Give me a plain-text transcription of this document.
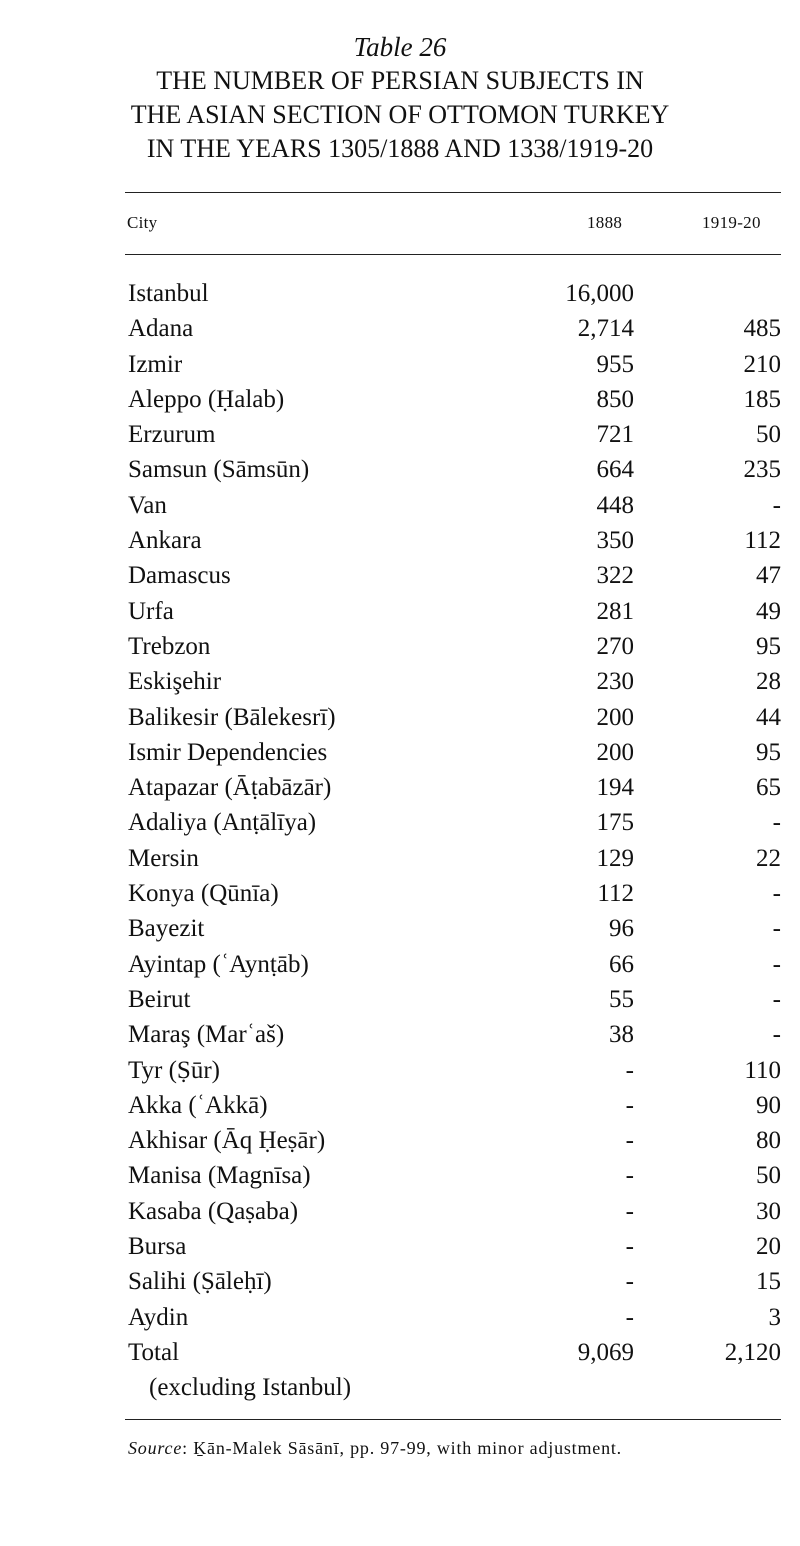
Table 26
THE NUMBER OF PERSIAN SUBJECTS IN
THE ASIAN SECTION OF OTTOMON TURKEY
IN THE YEARS 1305/1888 AND 1338/1919-20
City	1888	1919-20
Istanbul	16,000
Adana	2,714	485
Izmir	955	210
Aleppo (Ḥalab)	850	185
Erzurum	721	50
Samsun (Sāmsūn)	664	235
Van	448	-
Ankara	350	112
Damascus	322	47
Urfa	281	49
Trebzon	270	95
Eskişehir	230	28
Balikesir (Bālekesrī)	200	44
Ismir Dependencies	200	95
Atapazar (Āṭabāzār)	194	65
Adaliya (Anṭālīya)	175	-
Mersin	129	22
Konya (Qūnīa)	112	-
Bayezit	96	-
Ayintap (ʿAynṭāb)	66	-
Beirut	55	-
Maraş (Marʿaš)	38	-
Tyr (Ṣūr)	-	110
Akka (ʿAkkā)	-	90
Akhisar (Āq Ḥeṣār)	-	80
Manisa (Magnīsa)	-	50
Kasaba (Qaṣaba)	-	30
Bursa	-	20
Salihi (Ṣāleḥī)	-	15
Aydin	-	3
Total	9,069	2,120
(excluding Istanbul)
Source: Ḵān-Malek Sāsānī, pp. 97-99, with minor adjustment.
